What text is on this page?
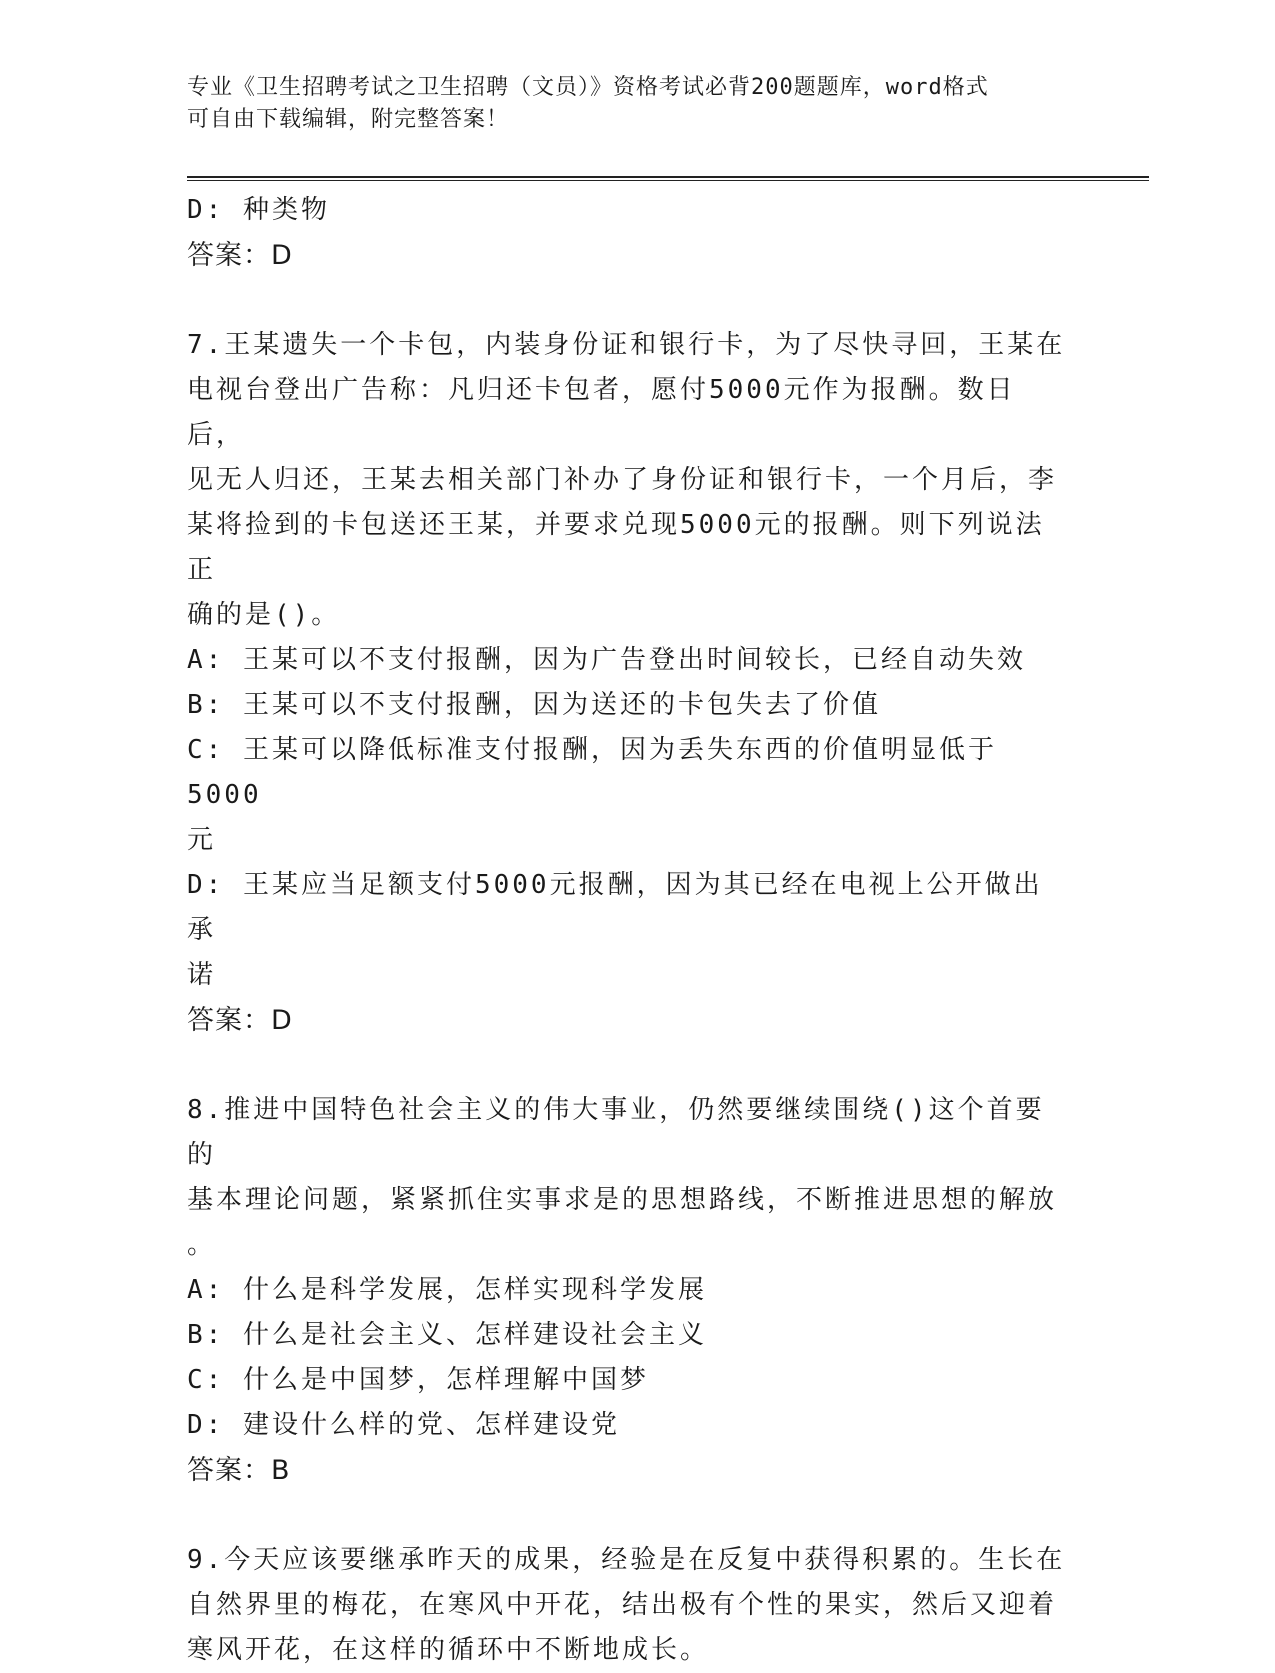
专业《卫生招聘考试之卫生招聘（文员）》资格考试必背200题题库，word格式
可自由下载编辑，附完整答案！
D: 种类物
答案：D
7.王某遗失一个卡包，内装身份证和银行卡，为了尽快寻回，王某在
电视台登出广告称：凡归还卡包者，愿付5000元作为报酬。数日后，
见无人归还，王某去相关部门补办了身份证和银行卡，一个月后，李
某将捡到的卡包送还王某，并要求兑现5000元的报酬。则下列说法正
确的是()。
A: 王某可以不支付报酬，因为广告登出时间较长，已经自动失效
B: 王某可以不支付报酬，因为送还的卡包失去了价值
C: 王某可以降低标准支付报酬，因为丢失东西的价值明显低于5000
元
D: 王某应当足额支付5000元报酬，因为其已经在电视上公开做出承
诺
答案：D
8.推进中国特色社会主义的伟大事业，仍然要继续围绕()这个首要的
基本理论问题，紧紧抓住实事求是的思想路线，不断推进思想的解放
。
A: 什么是科学发展，怎样实现科学发展
B: 什么是社会主义、怎样建设社会主义
C: 什么是中国梦，怎样理解中国梦
D: 建设什么样的党、怎样建设党
答案：B
9.今天应该要继承昨天的成果，经验是在反复中获得积累的。生长在
自然界里的梅花，在寒风中开花，结出极有个性的果实，然后又迎着
寒风开花，在这样的循环中不断地成长。
